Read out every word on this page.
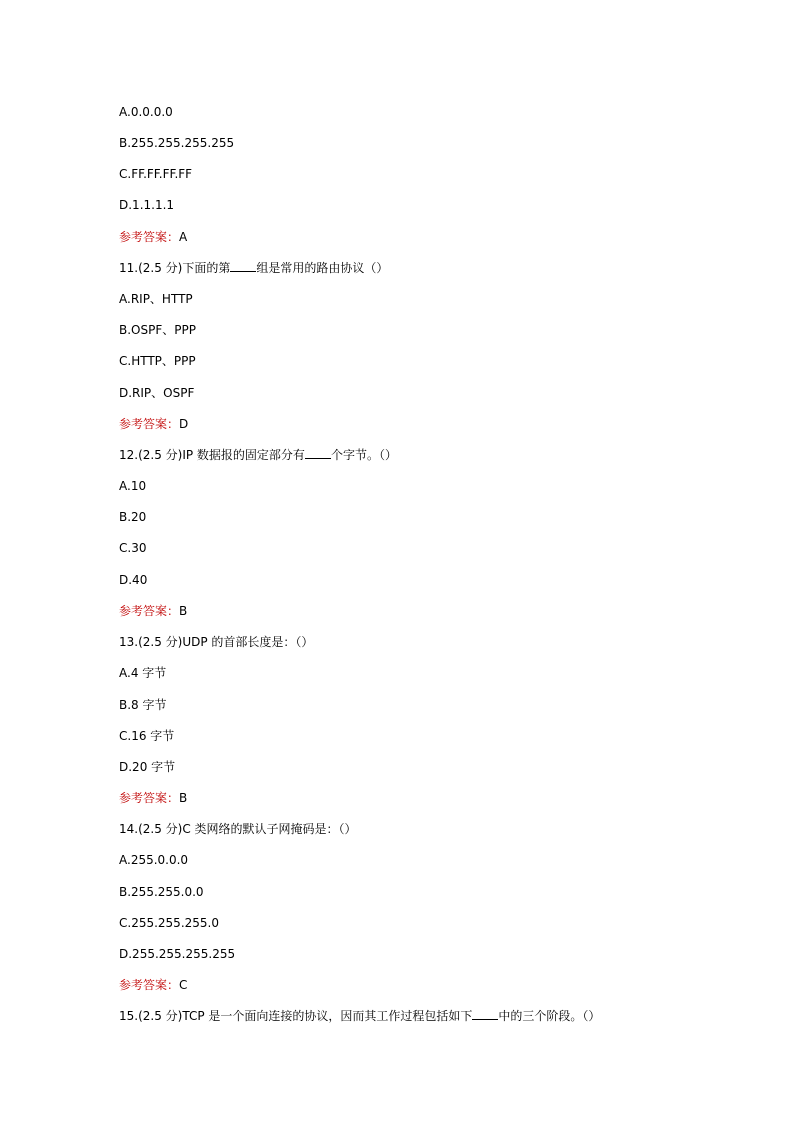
A.0.0.0.0
B.255.255.255.255
C.FF.FF.FF.FF
D.1.1.1.1
参考答案：A
11.(2.5 分)下面的第 组是常用的路由协议（）
A.RIP、HTTP
B.OSPF、PPP
C.HTTP、PPP
D.RIP、OSPF
参考答案：D
12.(2.5 分)IP 数据报的固定部分有 个字节。（）
A.10
B.20
C.30
D.40
参考答案：B
13.(2.5 分)UDP 的首部长度是：（）
A.4 字节
B.8 字节
C.16 字节
D.20 字节
参考答案：B
14.(2.5 分)C 类网络的默认子网掩码是：（）
A.255.0.0.0
B.255.255.0.0
C.255.255.255.0
D.255.255.255.255
参考答案：C
15.(2.5 分)TCP 是一个面向连接的协议，因而其工作过程包括如下 中的三个阶段。（）
